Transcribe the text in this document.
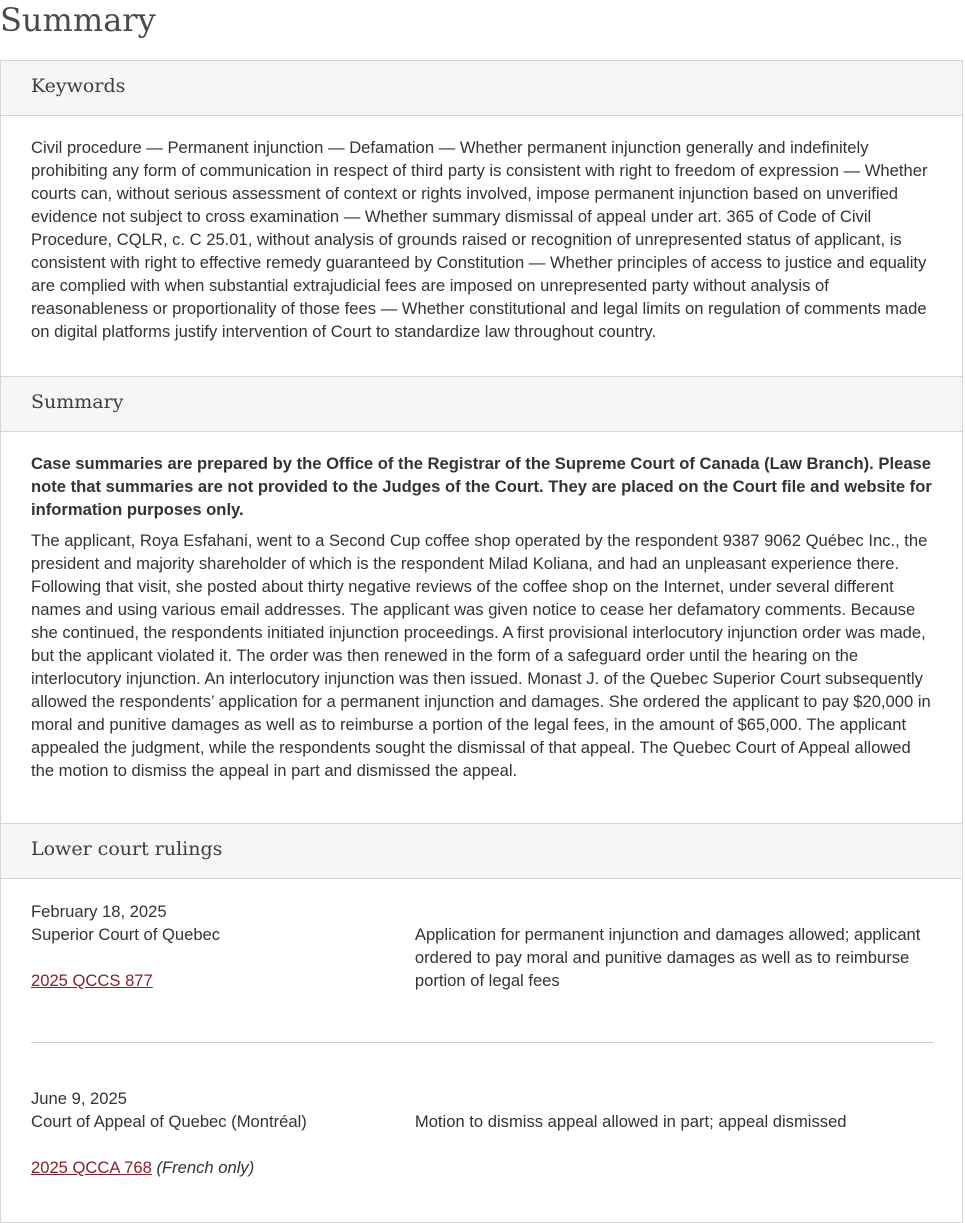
Summary
Keywords

Civil procedure — Permanent injunction — Defamation — Whether permanent injunction generally and indefinitely prohibiting any form of communication in respect of third party is consistent with right to freedom of expression — Whether courts can, without serious assessment of context or rights involved, impose permanent injunction based on unverified evidence not subject to cross examination — Whether summary dismissal of appeal under art. 365 of Code of Civil Procedure, CQLR, c. C 25.01, without analysis of grounds raised or recognition of unrepresented status of applicant, is consistent with right to effective remedy guaranteed by Constitution — Whether principles of access to justice and equality are complied with when substantial extrajudicial fees are imposed on unrepresented party without analysis of reasonableness or proportionality of those fees — Whether constitutional and legal limits on regulation of comments made on digital platforms justify intervention of Court to standardize law throughout country.

Summary

Case summaries are prepared by the Office of the Registrar of the Supreme Court of Canada (Law Branch). Please note that summaries are not provided to the Judges of the Court. They are placed on the Court file and website for information purposes only.

The applicant, Roya Esfahani, went to a Second Cup coffee shop operated by the respondent 9387 9062 Québec Inc., the president and majority shareholder of which is the respondent Milad Koliana, and had an unpleasant experience there. Following that visit, she posted about thirty negative reviews of the coffee shop on the Internet, under several different names and using various email addresses. The applicant was given notice to cease her defamatory comments. Because she continued, the respondents initiated injunction proceedings. A first provisional interlocutory injunction order was made, but the applicant violated it. The order was then renewed in the form of a safeguard order until the hearing on the interlocutory injunction. An interlocutory injunction was then issued. Monast J. of the Quebec Superior Court subsequently allowed the respondents’ application for a permanent injunction and damages. She ordered the applicant to pay $20,000 in moral and punitive damages as well as to reimburse a portion of the legal fees, in the amount of $65,000. The applicant appealed the judgment, while the respondents sought the dismissal of that appeal. The Quebec Court of Appeal allowed the motion to dismiss the appeal in part and dismissed the appeal.

Lower court rulings
February 18, 2025
Superior Court of Quebec
2025 QCCS 877
Application for permanent injunction and damages allowed; applicant ordered to pay moral and punitive damages as well as to reimburse portion of legal fees
June 9, 2025
Court of Appeal of Quebec (Montréal)
2025 QCCA 768 (French only)
Motion to dismiss appeal allowed in part; appeal dismissed
